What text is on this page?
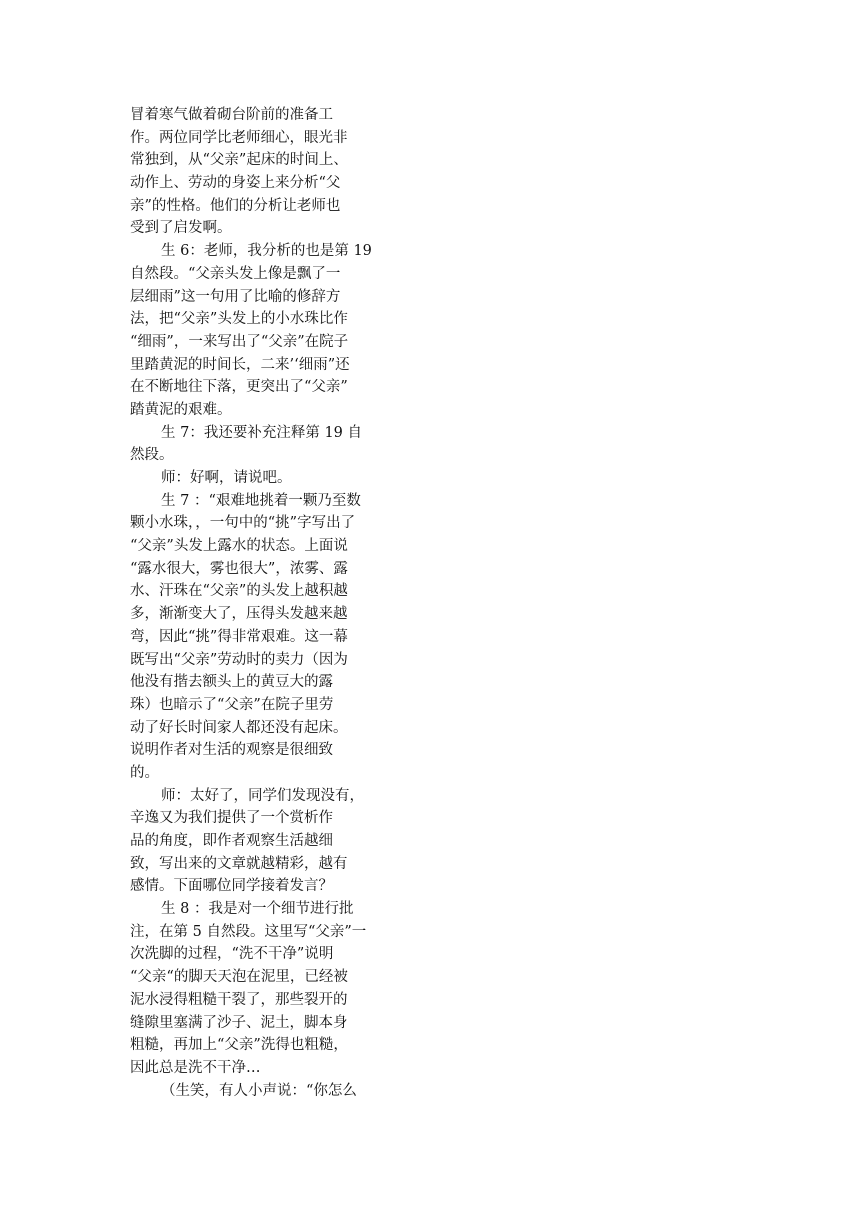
冒着寒气做着砌台阶前的准备工
作。两位同学比老师细心，眼光非
常独到，从“父亲”起床的时间上、
动作上、劳动的身姿上来分析“父
亲”的性格。他们的分析让老师也
受到了启发啊。
生 6：老师，我分析的也是第 19
自然段。“父亲头发上像是飘了一
层细雨”这一句用了比喻的修辞方
法，把“父亲”头发上的小水珠比作
“细雨”，一来写出了“父亲”在院子
里踏黄泥的时间长，二来’‘细雨”还
在不断地往下落，更突出了“父亲”
踏黄泥的艰难。
生 7：我还要补充注释第 19 自
然段。
师：好啊，请说吧。
生 7 ：“艰难地挑着一颗乃至数
颗小水珠，，一句中的“挑”字写出了
“父亲”头发上露水的状态。上面说
“露水很大，雾也很大”，浓雾、露
水、汗珠在“父亲”的头发上越积越
多，渐渐变大了，压得头发越来越
弯，因此“挑”得非常艰难。这一幕
既写出“父亲”劳动时的卖力（因为
他没有揩去额头上的黄豆大的露
珠）也暗示了“父亲”在院子里劳
动了好长时间家人都还没有起床。
说明作者对生活的观察是很细致
的。
师：太好了，同学们发现没有，
辛逸又为我们提供了一个赏析作
品的角度，即作者观察生活越细
致，写出来的文章就越精彩，越有
感情。下面哪位同学接着发言？
生 8 ：我是对一个细节进行批
注，在第 5 自然段。这里写“父亲”一
次洗脚的过程，“洗不干净”说明
“父亲“的脚天天泡在泥里，已经被
泥水浸得粗糙干裂了，那些裂开的
缝隙里塞满了沙子、泥土，脚本身
粗糙，再加上“父亲”洗得也粗糙，
因此总是洗不干净…
（生笑，有人小声说：“你怎么
